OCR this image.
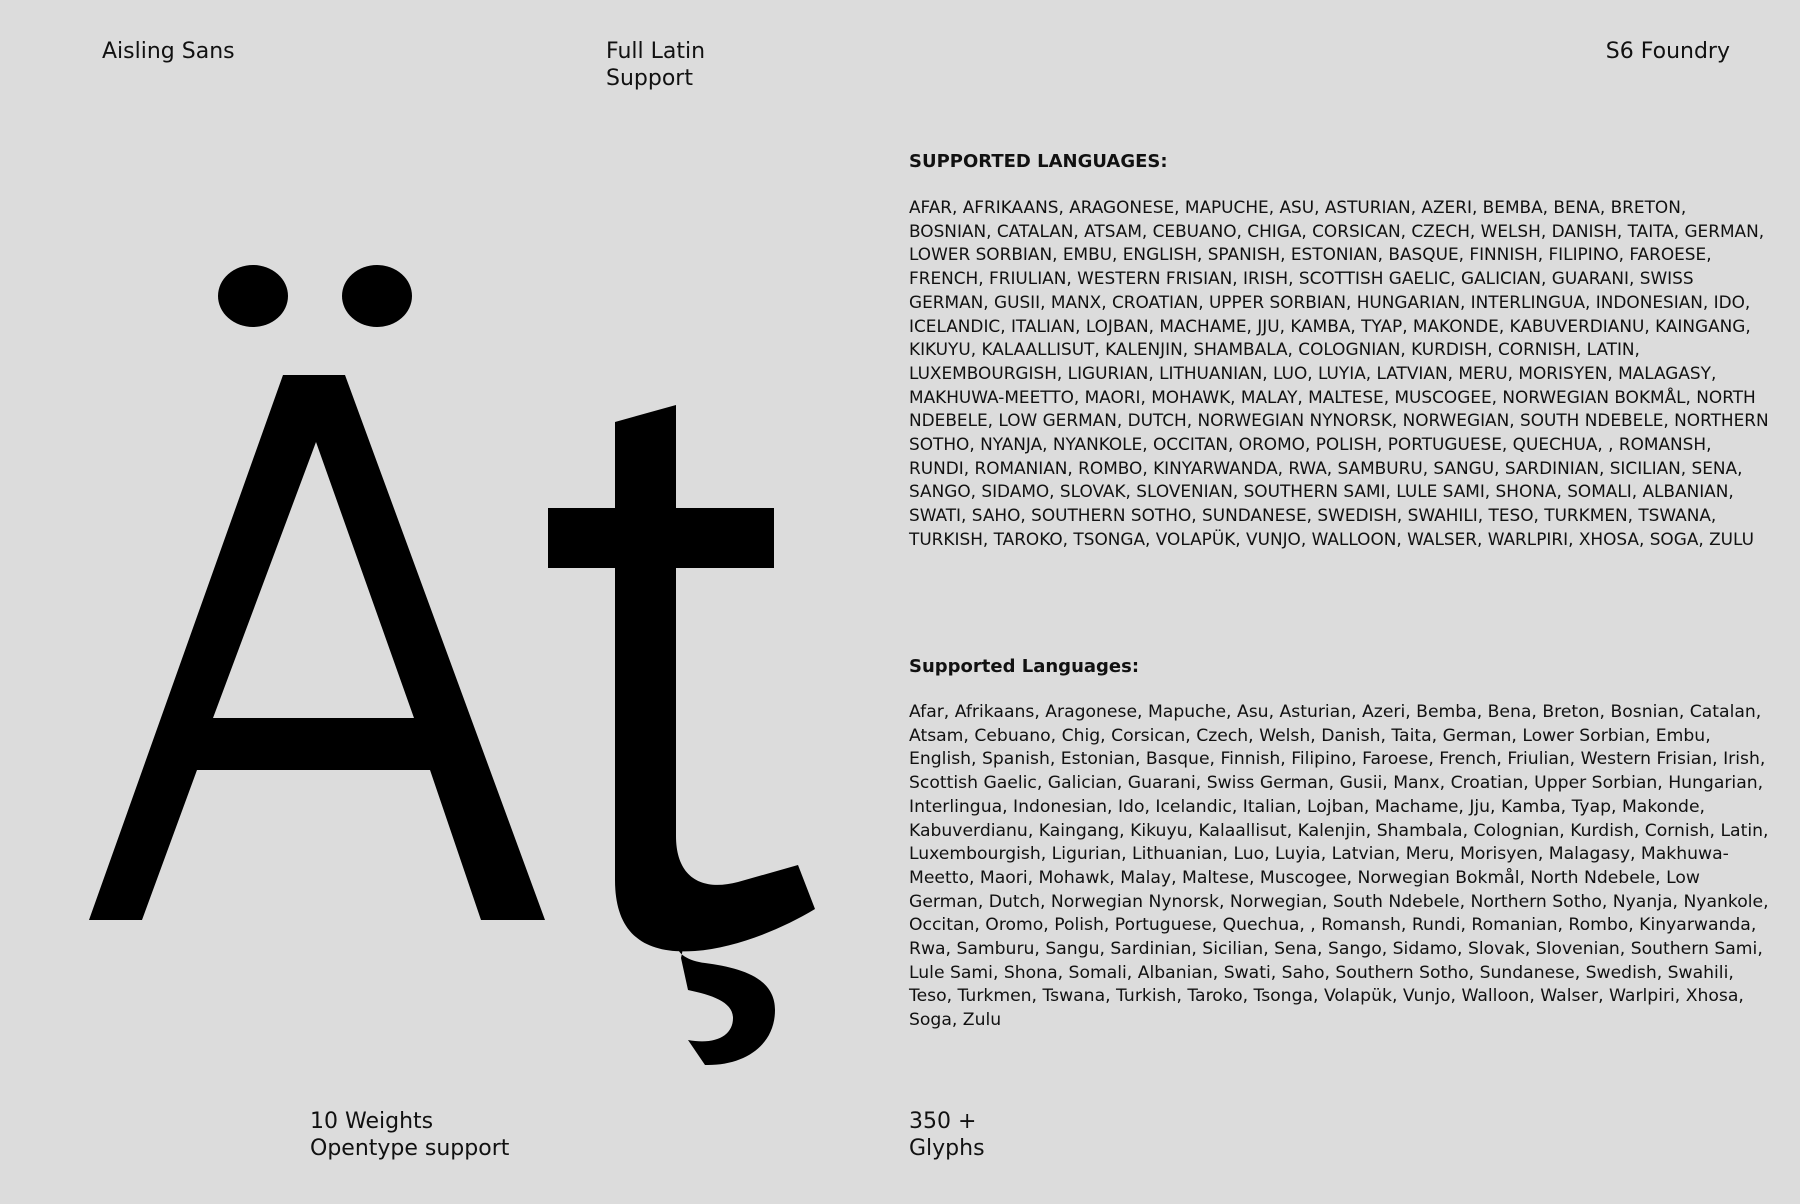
Aisling Sans	Full Latin
Support
S6 Foundry
SUPPORTED LANGUAGES:
AFAR, AFRIKAANS, ARAGONESE, MAPUCHE, ASU, ASTURIAN, AZERI, BEMBA, BENA, BRETON, BOSNIAN, CATALAN, ATSAM, CEBUANO, CHIGA, CORSICAN, CZECH, WELSH, DANISH, TAITA, GERMAN, LOWER SORBIAN, EMBU, ENGLISH, SPANISH, ESTONIAN, BASQUE, FINNISH, FILIPINO, FAROESE, FRENCH, FRIULIAN, WESTERN FRISIAN, IRISH, SCOTTISH GAELIC, GALICIAN, GUARANI, SWISS GERMAN, GUSII, MANX, CROATIAN, UPPER SORBIAN, HUNGARIAN, INTERLINGUA, INDONESIAN, IDO, ICELANDIC, ITALIAN, LOJBAN, MACHAME, JJU, KAMBA, TYAP, MAKONDE, KABUVERDIANU, KAINGANG, KIKUYU, KALAALLISUT, KALENJIN, SHAMBALA, COLOGNIAN, KURDISH, CORNISH, LATIN, LUXEMBOURGISH, LIGURIAN, LITHUANIAN, LUO, LUYIA, LATVIAN, MERU, MORISYEN, MALAGASY, MAKHUWA-MEETTO, MAORI, MOHAWK, MALAY, MALTESE, MUSCOGEE, NORWEGIAN BOKMÅL, NORTH NDEBELE, LOW GERMAN, DUTCH, NORWEGIAN NYNORSK, NORWEGIAN, SOUTH NDEBELE, NORTHERN SOTHO, NYANJA, NYANKOLE, OCCITAN, OROMO, POLISH, PORTUGUESE, QUECHUA, , ROMANSH, RUNDI, ROMANIAN, ROMBO, KINYARWANDA, RWA, SAMBURU, SANGU, SARDINIAN, SICILIAN, SENA, SANGO, SIDAMO, SLOVAK, SLOVENIAN, SOUTHERN SAMI, LULE SAMI, SHONA, SOMALI, ALBANIAN, SWATI, SAHO, SOUTHERN SOTHO, SUNDANESE, SWEDISH, SWAHILI, TESO, TURKMEN, TSWANA, TURKISH, TAROKO, TSONGA, VOLAPÜK, VUNJO, WALLOON, WALSER, WARLPIRI, XHOSA, SOGA, ZULU
Supported Languages:
Afar, Afrikaans, Aragonese, Mapuche, Asu, Asturian, Azeri, Bemba, Bena, Breton, Bosnian, Catalan, Atsam, Cebuano, Chig, Corsican, Czech, Welsh, Danish, Taita, German, Lower Sorbian, Embu, English, Spanish, Estonian, Basque, Finnish, Filipino, Faroese, French, Friulian, Western Frisian, Irish, Scottish Gaelic, Galician, Guarani, Swiss German, Gusii, Manx, Croatian, Upper Sorbian, Hungarian, Interlingua, Indonesian, Ido, Icelandic, Italian, Lojban, Machame, Jju, Kamba, Tyap, Makonde, Kabuverdianu, Kaingang, Kikuyu, Kalaallisut, Kalenjin, Shambala, Colognian, Kurdish, Cornish, Latin, Luxembourgish, Ligurian, Lithuanian, Luo, Luyia, Latvian, Meru, Morisyen, Malagasy, Makhuwa-Meetto, Maori, Mohawk, Malay, Maltese, Muscogee, Norwegian Bokmål, North Ndebele, Low German, Dutch, Norwegian Nynorsk, Norwegian, South Ndebele, Northern Sotho, Nyanja, Nyankole, Occitan, Oromo, Polish, Portuguese, Quechua, , Romansh, Rundi, Romanian, Rombo, Kinyarwanda, Rwa, Samburu, Sangu, Sardinian, Sicilian, Sena, Sango, Sidamo, Slovak, Slovenian, Southern Sami, Lule Sami, Shona, Somali, Albanian, Swati, Saho, Southern Sotho, Sundanese, Swedish, Swahili, Teso, Turkmen, Tswana, Turkish, Taroko, Tsonga, Volapük, Vunjo, Walloon, Walser, Warlpiri, Xhosa, Soga, Zulu
10 Weights
Opentype support
350 +
Glyphs
